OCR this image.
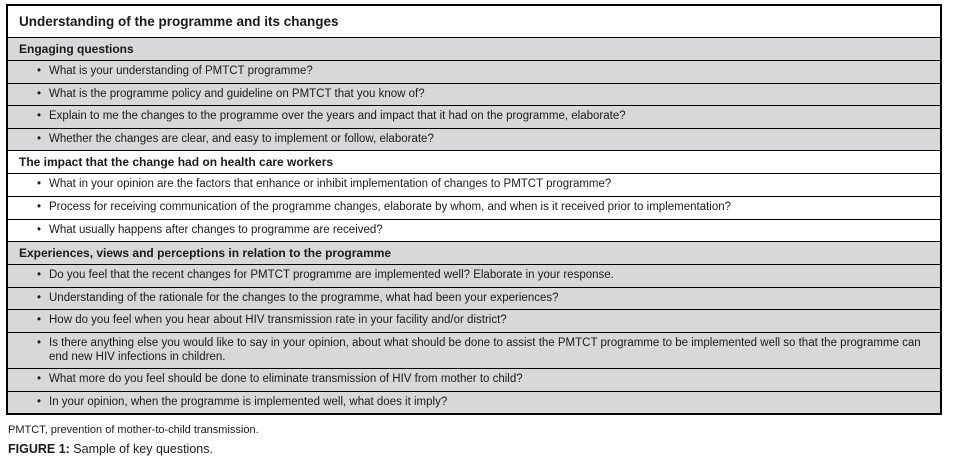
Understanding of the programme and its changes
Engaging questions
• What is your understanding of PMTCT programme?
• What is the programme policy and guideline on PMTCT that you know of?
• Explain to me the changes to the programme over the years and impact that it had on the programme, elaborate?
• Whether the changes are clear, and easy to implement or follow, elaborate?
The impact that the change had on health care workers
• What in your opinion are the factors that enhance or inhibit implementation of changes to PMTCT programme?
• Process for receiving communication of the programme changes, elaborate by whom, and when is it received prior to implementation?
• What usually happens after changes to programme are received?
Experiences, views and perceptions in relation to the programme
• Do you feel that the recent changes for PMTCT programme are implemented well? Elaborate in your response.
• Understanding of the rationale for the changes to the programme, what had been your experiences?
• How do you feel when you hear about HIV transmission rate in your facility and/or district?
• Is there anything else you would like to say in your opinion, about what should be done to assist the PMTCT programme to be implemented well so that the programme can end new HIV infections in children.
• What more do you feel should be done to eliminate transmission of HIV from mother to child?
• In your opinion, when the programme is implemented well, what does it imply?
PMTCT, prevention of mother-to-child transmission.
FIGURE 1: Sample of key questions.
